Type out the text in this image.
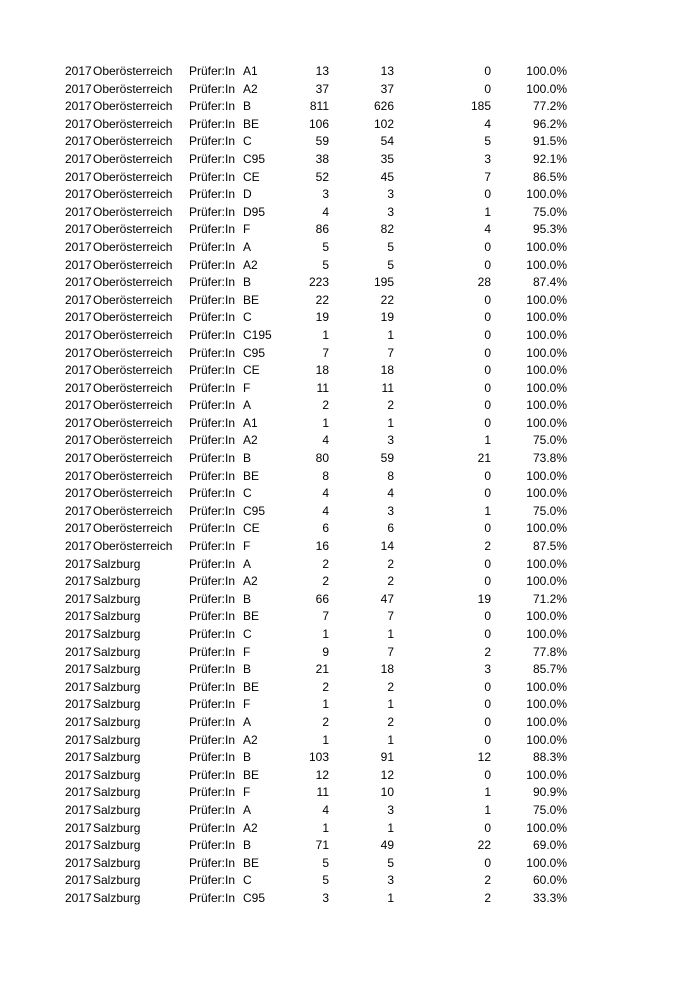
2017 Oberösterreich	Prüfer:In A1	13	13	0	100.0%
2017 Oberösterreich	Prüfer:In A2	37	37	0	100.0%
2017 Oberösterreich	Prüfer:In B	811	626	185	77.2%
2017 Oberösterreich	Prüfer:In BE	106	102	4	96.2%
2017 Oberösterreich	Prüfer:In C	59	54	5	91.5%
2017 Oberösterreich	Prüfer:In C95	38	35	3	92.1%
2017 Oberösterreich	Prüfer:In CE	52	45	7	86.5%
2017 Oberösterreich	Prüfer:In D	3	3	0	100.0%
2017 Oberösterreich	Prüfer:In D95	4	3	1	75.0%
2017 Oberösterreich	Prüfer:In F	86	82	4	95.3%
2017 Oberösterreich	Prüfer:In A	5	5	0	100.0%
2017 Oberösterreich	Prüfer:In A2	5	5	0	100.0%
2017 Oberösterreich	Prüfer:In B	223	195	28	87.4%
2017 Oberösterreich	Prüfer:In BE	22	22	0	100.0%
2017 Oberösterreich	Prüfer:In C	19	19	0	100.0%
2017 Oberösterreich	Prüfer:In C195	1	1	0	100.0%
2017 Oberösterreich	Prüfer:In C95	7	7	0	100.0%
2017 Oberösterreich	Prüfer:In CE	18	18	0	100.0%
2017 Oberösterreich	Prüfer:In F	11	11	0	100.0%
2017 Oberösterreich	Prüfer:In A	2	2	0	100.0%
2017 Oberösterreich	Prüfer:In A1	1	1	0	100.0%
2017 Oberösterreich	Prüfer:In A2	4	3	1	75.0%
2017 Oberösterreich	Prüfer:In B	80	59	21	73.8%
2017 Oberösterreich	Prüfer:In BE	8	8	0	100.0%
2017 Oberösterreich	Prüfer:In C	4	4	0	100.0%
2017 Oberösterreich	Prüfer:In C95	4	3	1	75.0%
2017 Oberösterreich	Prüfer:In CE	6	6	0	100.0%
2017 Oberösterreich	Prüfer:In F	16	14	2	87.5%
2017 Salzburg	Prüfer:In A	2	2	0	100.0%
2017 Salzburg	Prüfer:In A2	2	2	0	100.0%
2017 Salzburg	Prüfer:In B	66	47	19	71.2%
2017 Salzburg	Prüfer:In BE	7	7	0	100.0%
2017 Salzburg	Prüfer:In C	1	1	0	100.0%
2017 Salzburg	Prüfer:In F	9	7	2	77.8%
2017 Salzburg	Prüfer:In B	21	18	3	85.7%
2017 Salzburg	Prüfer:In BE	2	2	0	100.0%
2017 Salzburg	Prüfer:In F	1	1	0	100.0%
2017 Salzburg	Prüfer:In A	2	2	0	100.0%
2017 Salzburg	Prüfer:In A2	1	1	0	100.0%
2017 Salzburg	Prüfer:In B	103	91	12	88.3%
2017 Salzburg	Prüfer:In BE	12	12	0	100.0%
2017 Salzburg	Prüfer:In F	11	10	1	90.9%
2017 Salzburg	Prüfer:In A	4	3	1	75.0%
2017 Salzburg	Prüfer:In A2	1	1	0	100.0%
2017 Salzburg	Prüfer:In B	71	49	22	69.0%
2017 Salzburg	Prüfer:In BE	5	5	0	100.0%
2017 Salzburg	Prüfer:In C	5	3	2	60.0%
2017 Salzburg	Prüfer:In C95	3	1	2	33.3%
